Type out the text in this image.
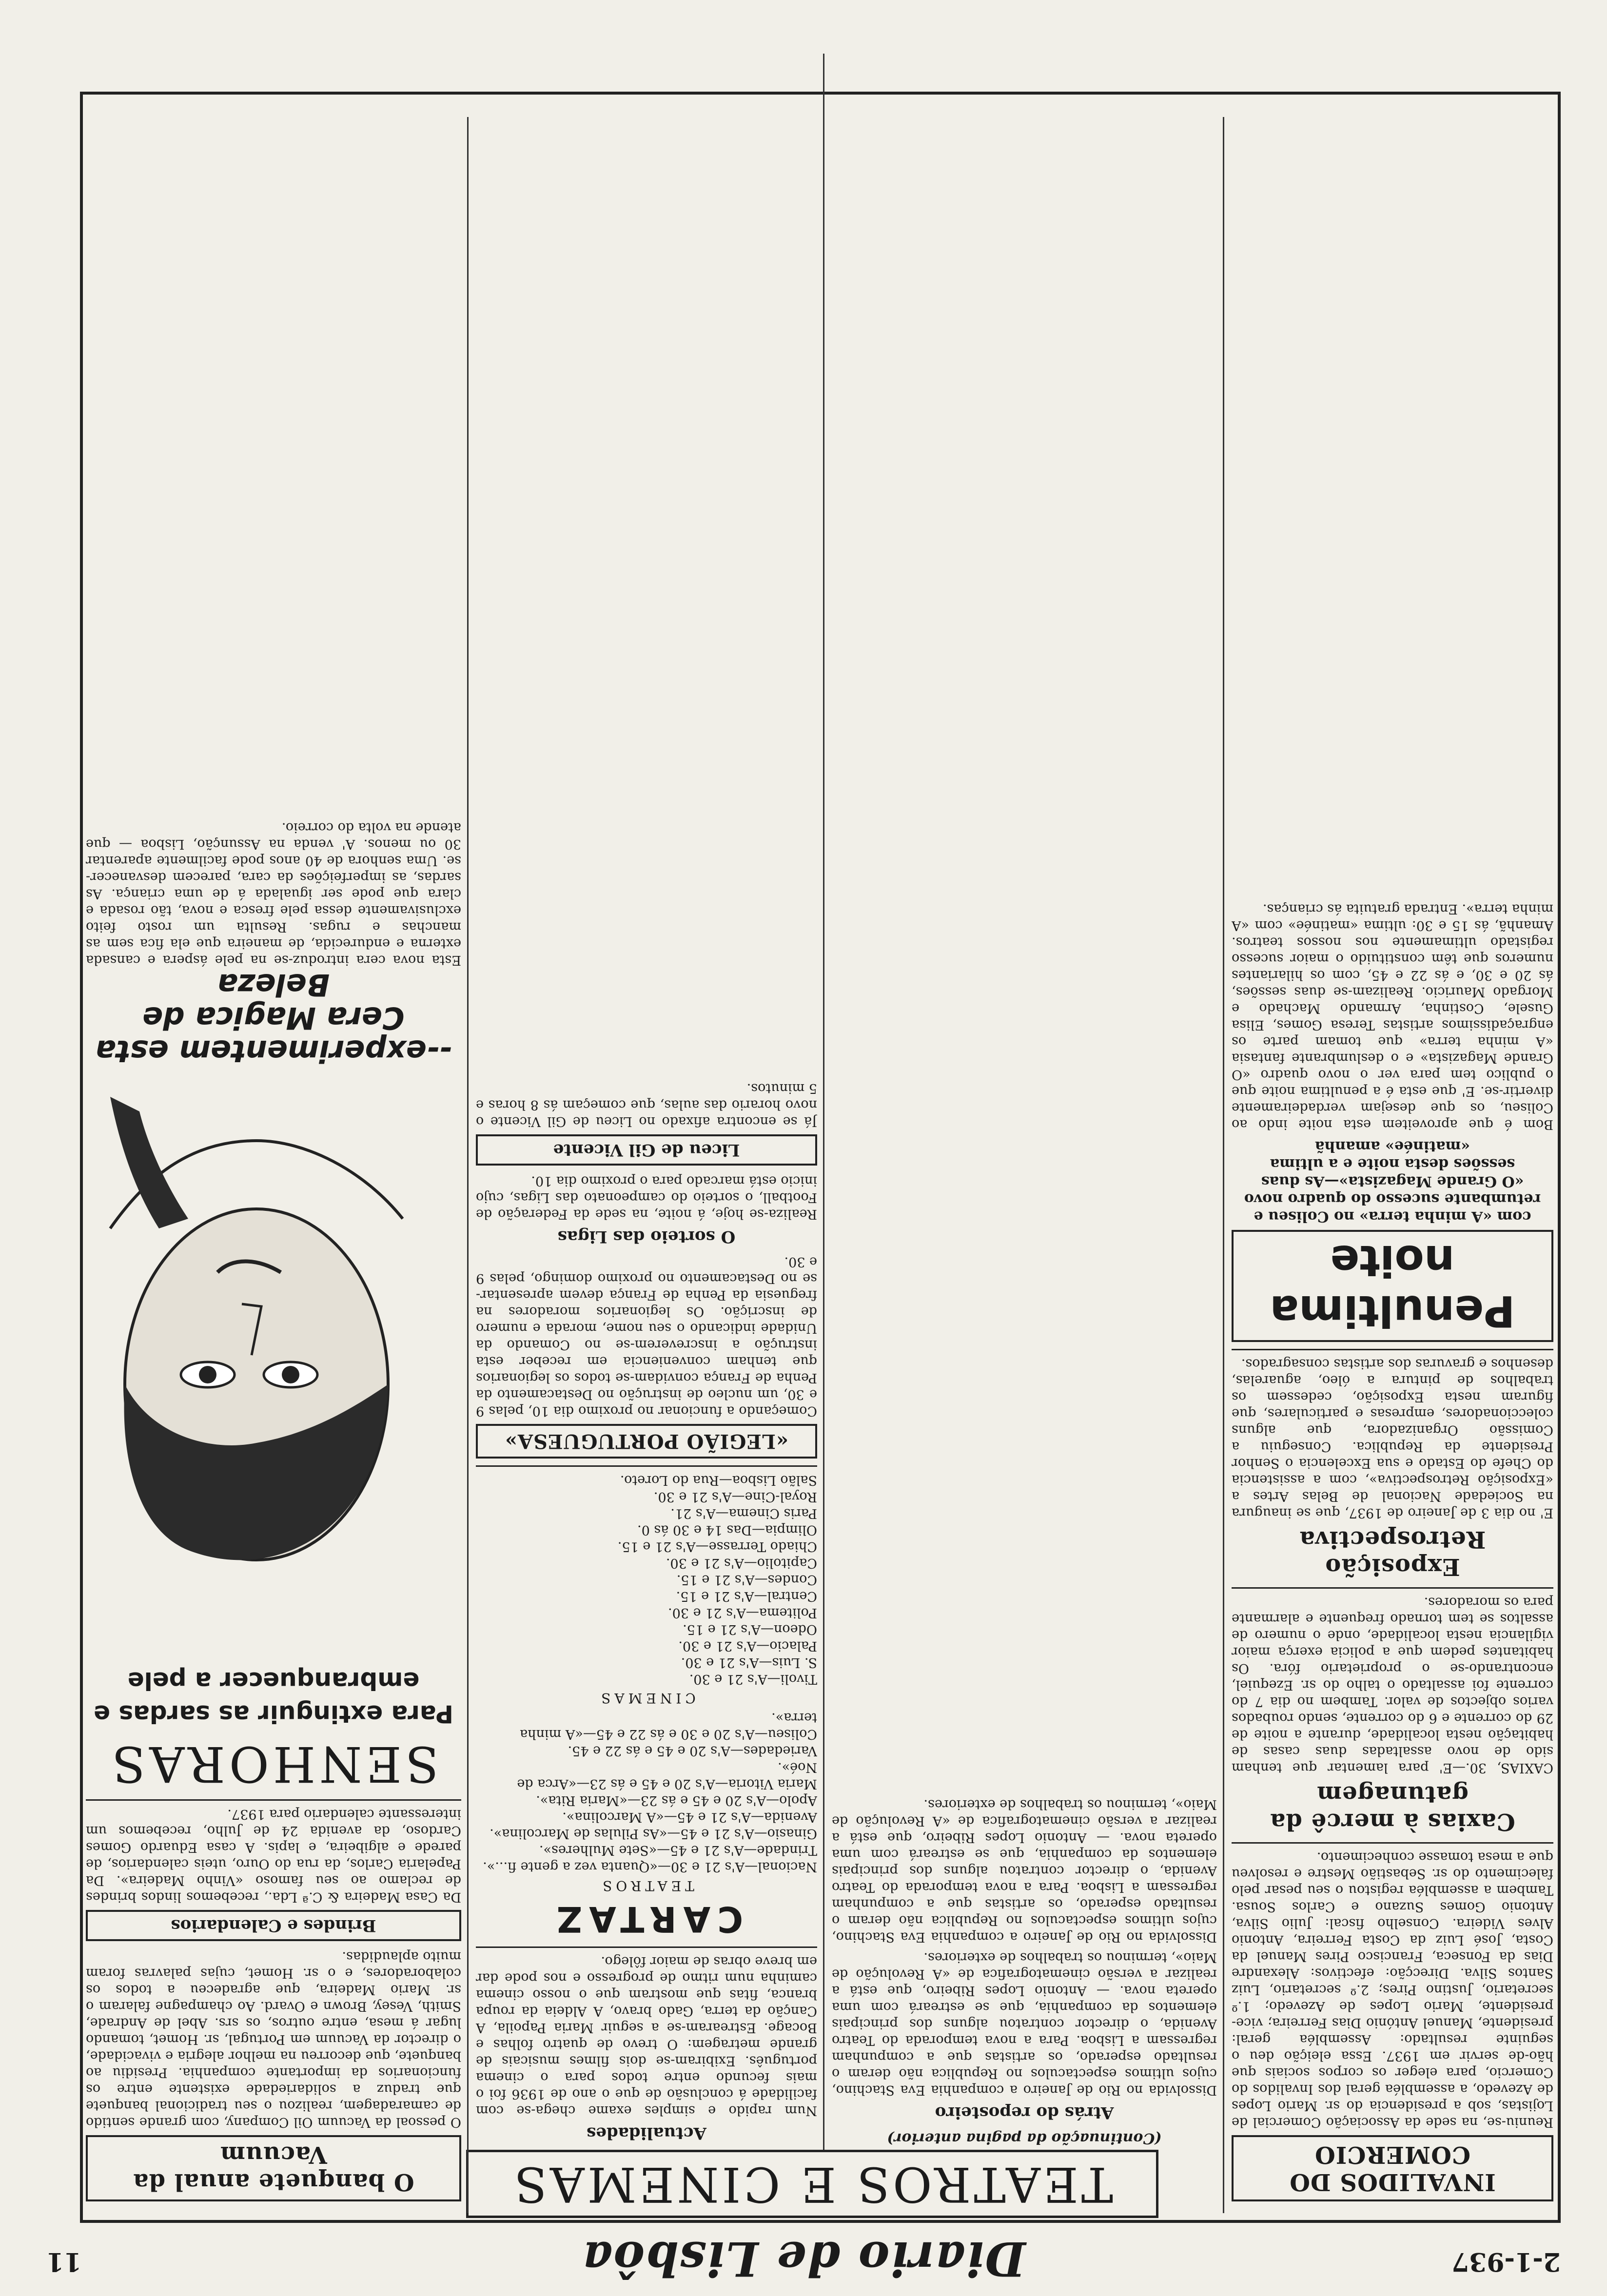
11	Diario de Lisbôa	2-1-937
INVALIDOS DO COMERCIO

Reuniu-se, na sede da Associação Comercial de Lojistas, sob a presidencia do sr. Mario Lopes de Azevedo, a assembléa geral dos Invalidos do Comercio, para eleger os corpos sociais que hão-de servir em 1937. Essa eleição deu o seguinte resultado: Assembléa geral: presidente, Manuel António Dias Ferreira; vice-presidente, Mario Lopes de Azevedo; 1.º secretario, Justino Pires; 2.º secretario, Luiz Santos Silva. Direcção: efectivos: Alexandre Dias da Fonseca, Francisco Pires Manuel da Costa, José Luiz da Costa Ferreira, Antonio Alves Videira. Conselho fiscal: Julio Silva, Antonio Gomes Suzano e Carlos Sousa. Tambem a assembléa registou o seu pesar pelo falecimento do sr. Sebastião Mestre e resolveu que a mesa tomasse conhecimento.

Caxias à mercê da gatunagem

CAXIAS, 30.—E' para lamentar que tenham sido de novo assaltadas duas casas de habitação nesta localidade, durante a noite de 29 do corrente e 6 do corrente, sendo roubados varios objectos de valor. Tambem no dia 7 do corrente foi assaltado o talho do sr. Ezequiel, encontrando-se o proprietario fóra. Os habitantes pedem que a policia exerça maior vigilancia nesta localidade, onde o numero de assaltos se tem tornado frequente e alarmante para os moradores.

Exposição Retrospectiva

E' no dia 3 de Janeiro de 1937, que se inaugura na Sociedade Nacional de Belas Artes a «Exposição Retrospectiva», com a assistencia do Chefe do Estado e sua Excelencia o Senhor Presidente da Republica. Conseguiu a Comissão Organizadora, que alguns coleccionadores, empresas e particulares, que figuram nesta Exposição, cedessem os trabalhos de pintura a óleo, aguarelas, desenhos e gravuras dos artistas consagrados.

Penultima noite
com «A minha terra» no Coliseu e retumbante sucesso do quadro novo «O Grande Magazista»—As duas sessões desta noite e a ultima «matinée» amanhã

Bom é que aproveitem esta noite indo ao Coliseu, os que desejam verdadeiramente divertir-se. E' que esta é a penultima noite que o publico tem para ver o novo quadro «O Grande Magazista» e o deslumbrante fantasia «A minha terra» que tomam parte os engraçadissimos artistas Teresa Gomes, Elisa Gusele, Costinha, Armando Machado e Morgado Mauricio. Realizam-se duas sessões, ás 20 e 30, e ás 22 e 45, com os hilariantes numeros que têm constituido o maior sucesso registado ultimamente nos nossos teatros. Amanhã, ás 15 e 30: ultima «matinée» com «A minha terra». Entrada gratuita ás crianças.

TEATROS E CINEMAS
(Continuação da pagina anterior)
Atrás do reposteiro

Dissolvida no Rio de Janeiro a companhia Eva Stachino, cujos ultimos espectaculos no Republica não deram o resultado esperado, os artistas que a compunham regressam a Lisboa. Para a nova temporada do Teatro Avenida, o director contratou alguns dos principais elementos da companhia, que se estreará com uma opereta nova. — Antonio Lopes Ribeiro, que está a realizar a versão cinematografica de «A Revolução de Maio», terminou os trabalhos de exteriores.

Dissolvida no Rio de Janeiro a companhia Eva Stachino, cujos ultimos espectaculos no Republica não deram o resultado esperado, os artistas que a compunham regressam a Lisboa. Para a nova temporada do Teatro Avenida, o director contratou alguns dos principais elementos da companhia, que se estreará com uma opereta nova. — Antonio Lopes Ribeiro, que está a realizar a versão cinematografica de «A Revolução de Maio», terminou os trabalhos de exteriores.

Actualidades

Num rapido e simples exame chega-se com facilidade á conclusão de que o ano de 1936 foi o mais fecundo entre todos para o cinema português. Exibiram-se dois filmes musicais de grande metragem: O trevo de quatro folhas e Bocage. Estrearam-se a seguir Maria Papoila, A Canção da terra, Gado bravo, A Aldeia da roupa branca, fitas que mostram que o nosso cinema caminha num ritmo de progresso e nos pode dar em breve obras de maior fôlego.

CARTAZ
TEATROS
Nacional—A's 21 e 30—«Quanta vez a gente fi...».
Trindade—A's 21 e 45—«Sete Mulheres».
Ginasio—A's 21 e 45—«As Pilulas de Marcolina».
Avenida—A's 21 e 45—«A Marcolina».
Apolo—A's 20 e 45 e ás 23—«Maria Rita».
Maria Vitoria—A's 20 e 45 e ás 23—«Arca de Noé».
Variedades—A's 20 e 45 e ás 22 e 45.
Coliseu—A's 20 e 30 e ás 22 e 45—«A minha terra».
CINEMAS
Tivoli—A's 21 e 30.
S. Luis—A's 21 e 30.
Palacio—A's 21 e 30.
Odeon—A's 21 e 15.
Politema—A's 21 e 30.
Central—A's 21 e 15.
Condes—A's 21 e 15.
Capitolio—A's 21 e 30.
Chiado Terrasse—A's 21 e 15.
Olimpia—Das 14 e 30 ás 0.
Paris Cinema—A's 21.
Royal-Cine—A's 21 e 30.
Salão Lisboa—Rua do Loreto.
«LEGIÃO PORTUGUESA»

Começando a funcionar no proximo dia 10, pelas 9 e 30, um nucleo de instrução no Destacamento da Penha de França convidam-se todos os legionarios que tenham conveniencia em receber esta instrução a inscreverem-se no Comando da Unidade indicando o seu nome, morada e numero de inscrição. Os legionarios moradores na freguesia da Penha de França devem apresentar-se no Destacamento no proximo domingo, pelas 9 e 30.

O sorteio das Ligas

Realiza-se hoje, á noite, na sede da Federação de Football, o sorteio do campeonato das Ligas, cujo inicio está marcado para o proximo dia 10.

Liceu de Gil Vicente

Já se encontra afixado no Liceu de Gil Vicente o novo horario das aulas, que começam ás 8 horas e 5 minutos.

O banquete anual da Vacuum

O pessoal da Vacuum Oil Company, com grande sentido de camaradagem, realizou o seu tradicional banquete que traduz a solidariedade existente entre os funcionarios da importante companhia. Presidiu ao banquete, que decorreu na melhor alegria e vivacidade, o director da Vacuum em Portugal, sr. Homet, tomando lugar á mesa, entre outros, os srs. Abel de Andrade, Smith, Vesey, Brown e Ovard. Ao champagne falaram o sr. Mario Madeira, que agradeceu a todos os colaboradores, e o sr. Homet, cujas palavras foram muito aplaudidas.

Brindes e Calendarios

Da Casa Madeira & C.ª Lda., recebemos lindos brindes de reclamo ao seu famoso «Vinho Madeira». Da Papelaria Carlos, da rua do Ouro, uteis calendarios, de parede e algibeira, e lapis. A casa Eduardo Gomes Cardoso, da avenida 24 de Julho, recebemos um interessante calendario para 1937.

SENHORAS
Para extinguir as sardas e embranquecer a pele
--experimentem esta Cera Magica de Beleza

Esta nova cera introduz-se na pele áspera e cansada externa e endurecida, de maneira que ela fica sem as manchas e rugas. Resulta um rosto feito exclusivamente dessa pele fresca e nova, tão rosada e clara que pode ser igualada á de uma criança. As sardas, as imperfeições da cara, parecem desvanecer-se. Uma senhora de 40 anos pode facilmente aparentar 30 ou menos. A' venda na Assunção, Lisboa — que atende na volta do correio.
